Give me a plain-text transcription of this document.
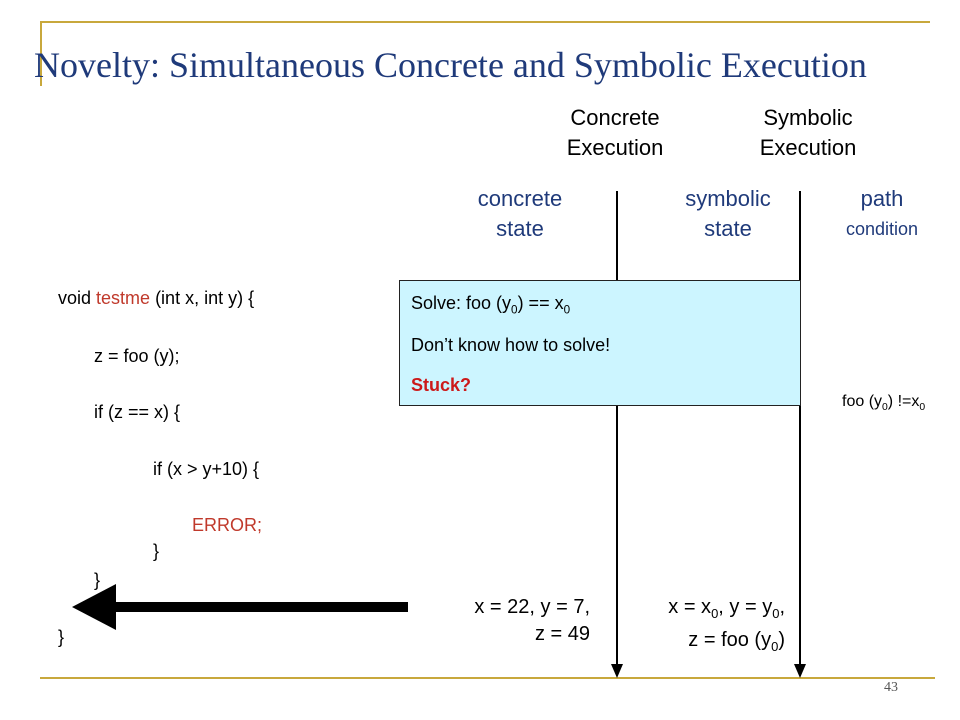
Novelty: Simultaneous Concrete and Symbolic Execution
Concrete
Execution
Symbolic
Execution
concrete
state
symbolic
state
path
condition
void testme (int x, int y) {
z = foo (y);
if (z == x) {
if (x > y+10) {
ERROR;
}
}
}
Solve: foo $(y_0) == x_0$
Don’t know how to solve!
Stuck?
foo $(y_0)$ $!=x_0$
x = 22, y = 7,
z = 49
$x = x_0$, $y = y_0$,
z = foo $(y_0)$
43
